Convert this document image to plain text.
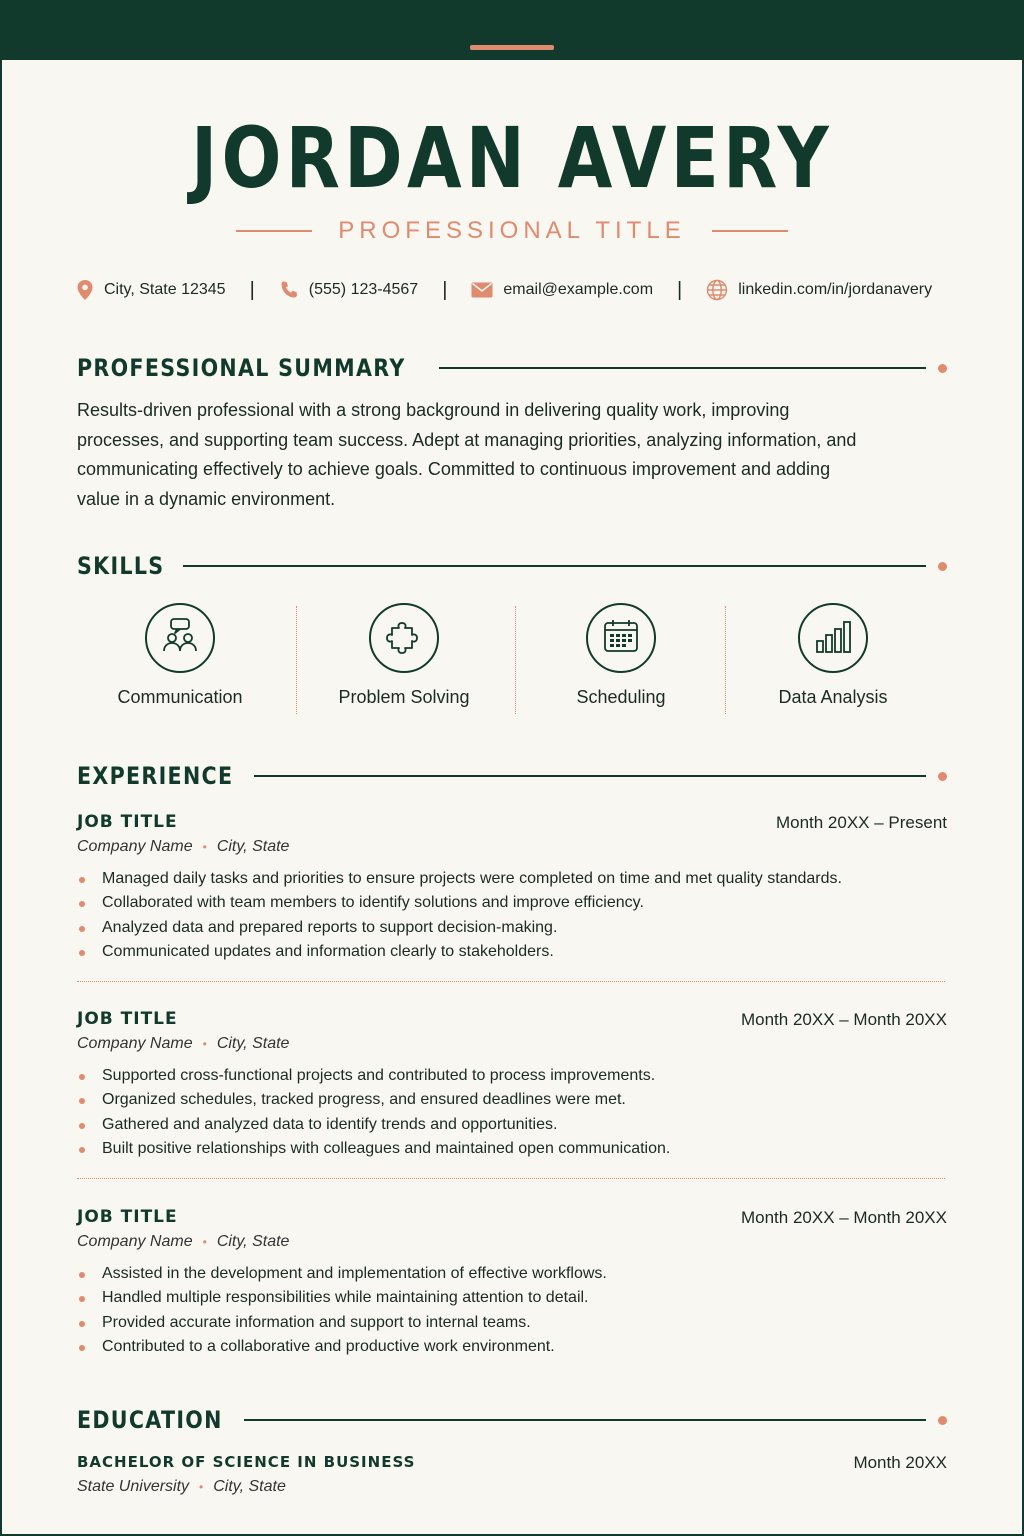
JORDAN AVERY
PROFESSIONAL TITLE
City, State 12345 |	(555) 123-4567 |	email@example.com |	linkedin.com/in/jordanavery
PROFESSIONAL SUMMARY
Results-driven professional with a strong background in delivering quality work, improving processes, and supporting team success. Adept at managing priorities, analyzing information, and communicating effectively to achieve goals. Committed to continuous improvement and adding value in a dynamic environment.
SKILLS
Communication	Problem Solving	Scheduling	Data Analysis
EXPERIENCE
JOB TITLE	Month 20XX – Present
Company Name • City, State
Managed daily tasks and priorities to ensure projects were completed on time and met quality standards.
Collaborated with team members to identify solutions and improve efficiency.
Analyzed data and prepared reports to support decision-making.
Communicated updates and information clearly to stakeholders.
JOB TITLE	Month 20XX – Month 20XX
Company Name • City, State
Supported cross-functional projects and contributed to process improvements.
Organized schedules, tracked progress, and ensured deadlines were met.
Gathered and analyzed data to identify trends and opportunities.
Built positive relationships with colleagues and maintained open communication.
JOB TITLE	Month 20XX – Month 20XX
Company Name • City, State
Assisted in the development and implementation of effective workflows.
Handled multiple responsibilities while maintaining attention to detail.
Provided accurate information and support to internal teams.
Contributed to a collaborative and productive work environment.
EDUCATION
BACHELOR OF SCIENCE IN BUSINESS	Month 20XX
State University • City, State
